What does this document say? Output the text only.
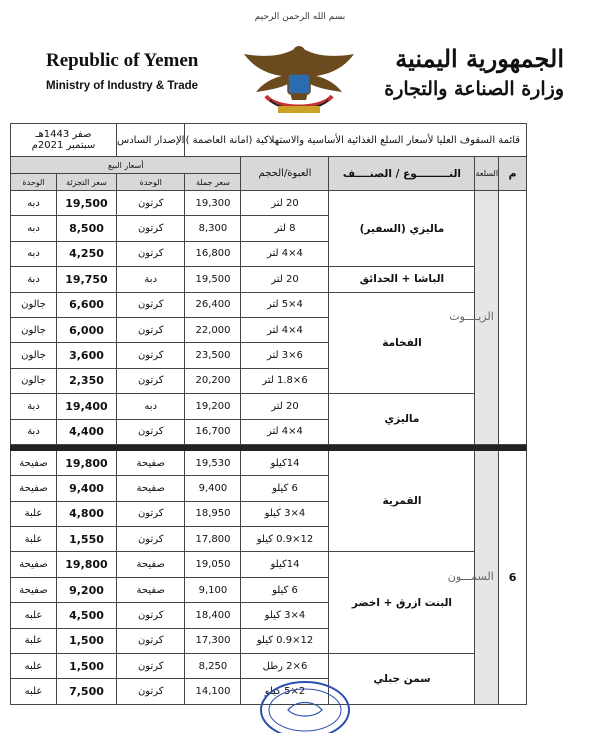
بسم الله الرحمن الرحيم
Republic of Yemen
Ministry of Industry & Trade
الجمهورية اليمنية
وزارة الصناعة والتجارة
قائمة السقوف العليا لأسعار السلع الغذائية الأساسية والاستهلاكية (امانة العاصمة )					الإصدار السادس	صفر 1443هـ
سبتمبر 2021م	

م	السلعة	النـــــــــوع / الصنــــف	العبوة/الحجم	أسعار البيع			
				سعر جملة	الوحدة	سعر التجزئة	الوحدة

	الزيــــوت	ماليزي (السفير)	20 لتر	19,300	كرتون	19,500	دبه
			8 لتر	8,300	كرتون	8,500	دبه
			4×4 لتر	16,800	كرتون	4,250	دبه
		الباشا + الحدائق	20 لتر	19,500	دبة	19,750	دبة
		الفخامة	4×5 لتر	26,400	كرتون	6,600	جالون
			4×4 لتر	22,000	كرتون	6,000	جالون
			6×3 لتر	23,500	كرتون	3,600	جالون
			6×1.8 لتر	20,200	كرتون	2,350	جالون
		ماليزي	20 لتر	19,200	دبه	19,400	دبة
			4×4 لتر	16,700	كرتون	4,400	دبة

6	السمـــون	القمرية	14كيلو	19,530	صفيحة	19,800	صفيحة
			6 كيلو	9,400	صفيحة	9,400	صفيحة
			4×3 كيلو	18,950	كرتون	4,800	علبة
			12×0.9 كيلو	17,800	كرتون	1,550	علبة
		البنت ازرق + اخضر	14كيلو	19,050	صفيحة	19,800	صفيحة
			6 كيلو	9,100	صفيحة	9,200	صفيحة
			4×3 كيلو	18,400	كرتون	4,500	علبه
			12×0.9 كيلو	17,300	كرتون	1,500	علبة
		سمن جبلي	6×2 رطل	8,250	كرتون	1,500	علبه
			2×5 كيلو	14,100	كرتون	7,500	علبه
